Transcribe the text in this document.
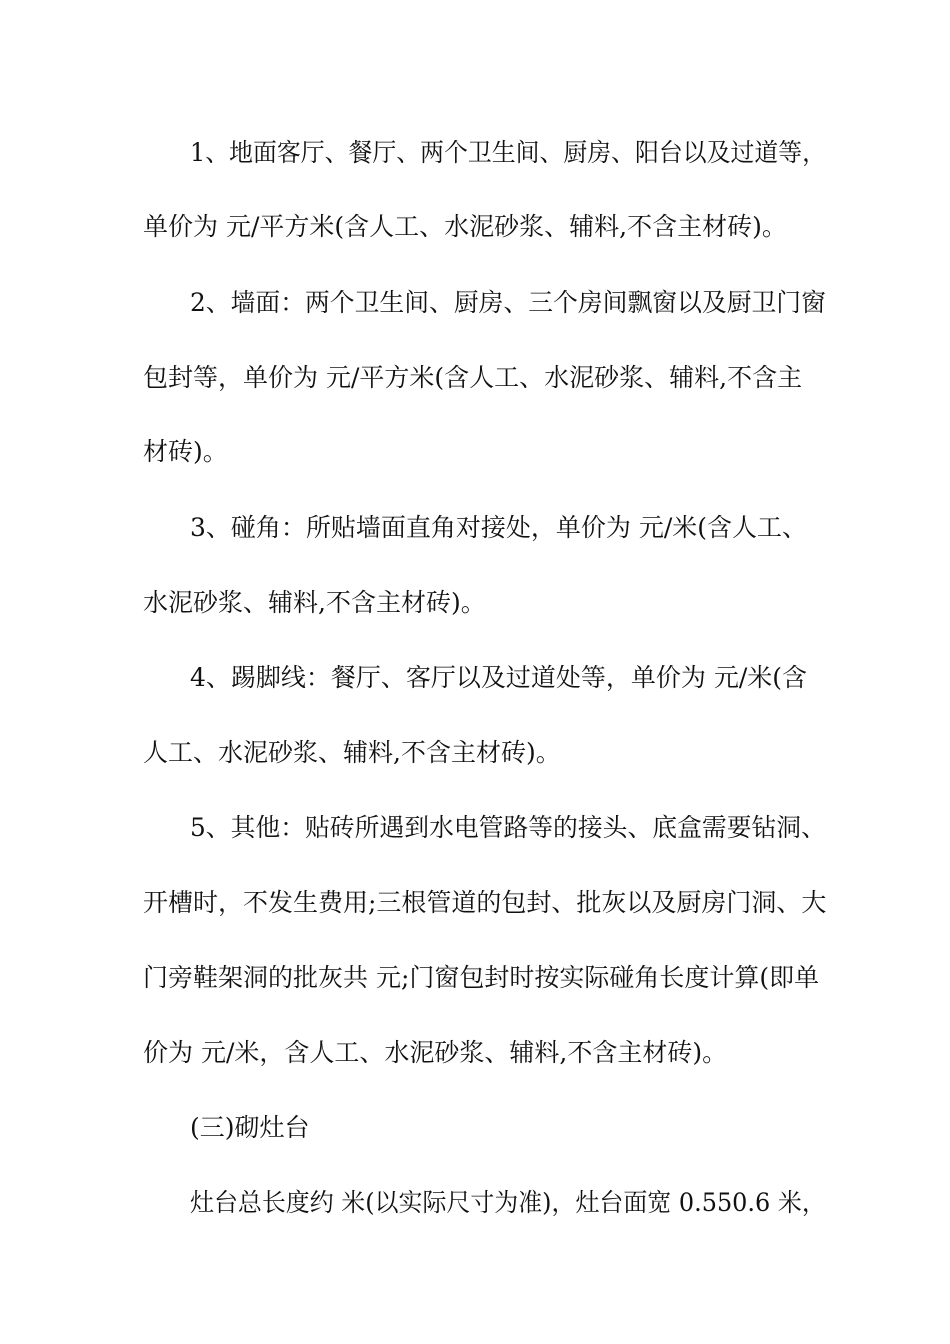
1、地面客厅、餐厅、两个卫生间、厨房、阳台以及过道等，
单价为 元/平方米(含人工、水泥砂浆、辅料,不含主材砖)。
2、墙面：两个卫生间、厨房、三个房间飘窗以及厨卫门窗
包封等，单价为 元/平方米(含人工、水泥砂浆、辅料,不含主
材砖)。
3、碰角：所贴墙面直角对接处，单价为 元/米(含人工、
水泥砂浆、辅料,不含主材砖)。
4、踢脚线：餐厅、客厅以及过道处等，单价为 元/米(含
人工、水泥砂浆、辅料,不含主材砖)。
5、其他：贴砖所遇到水电管路等的接头、底盒需要钻洞、
开槽时，不发生费用;三根管道的包封、批灰以及厨房门洞、大
门旁鞋架洞的批灰共 元;门窗包封时按实际碰角长度计算(即单
价为 元/米，含人工、水泥砂浆、辅料,不含主材砖)。
(三)砌灶台
灶台总长度约 米(以实际尺寸为准)，灶台面宽 0.550.6 米，
